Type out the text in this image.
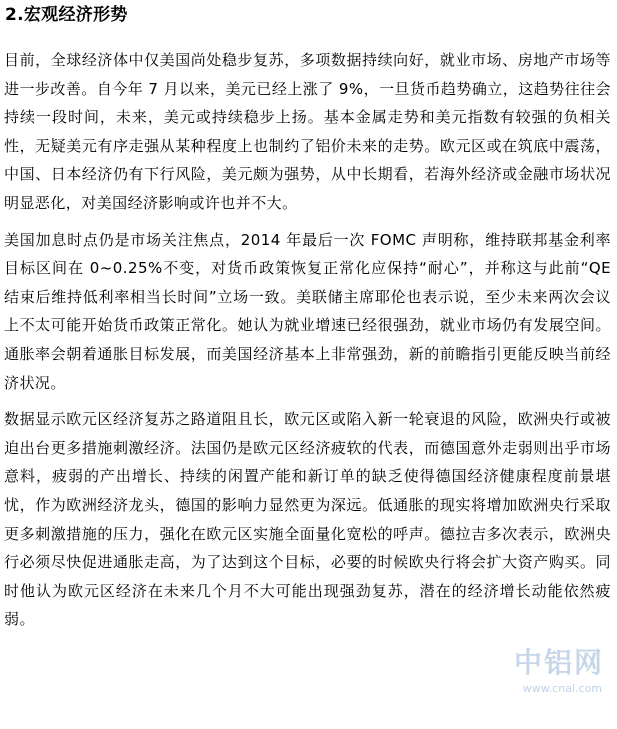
2.宏观经济形势

目前，全球经济体中仅美国尚处稳步复苏，多项数据持续向好，就业市场、房地产市场等进一步改善。自今年 7 月以来，美元已经上涨了 9%，一旦货币趋势确立，这趋势往往会持续一段时间，未来，美元或持续稳步上扬。基本金属走势和美元指数有较强的负相关性，无疑美元有序走强从某种程度上也制约了铝价未来的走势。欧元区或在筑底中震荡，中国、日本经济仍有下行风险，美元颇为强势，从中长期看，若海外经济或金融市场状况明显恶化，对美国经济影响或许也并不大。

美国加息时点仍是市场关注焦点，2014 年最后一次 FOMC 声明称，维持联邦基金利率目标区间在 0~0.25%不变，对货币政策恢复正常化应保持“耐心”，并称这与此前“QE 结束后维持低利率相当长时间”立场一致。美联储主席耶伦也表示说，至少未来两次会议上不太可能开始货币政策正常化。她认为就业增速已经很强劲，就业市场仍有发展空间。通胀率会朝着通胀目标发展，而美国经济基本上非常强劲，新的前瞻指引更能反映当前经济状况。

数据显示欧元区经济复苏之路道阻且长，欧元区或陷入新一轮衰退的风险，欧洲央行或被迫出台更多措施刺激经济。法国仍是欧元区经济疲软的代表，而德国意外走弱则出乎市场意料，疲弱的产出增长、持续的闲置产能和新订单的缺乏使得德国经济健康程度前景堪忧，作为欧洲经济龙头，德国的影响力显然更为深远。低通胀的现实将增加欧洲央行采取更多刺激措施的压力，强化在欧元区实施全面量化宽松的呼声。德拉吉多次表示，欧洲央行必须尽快促进通胀走高，为了达到这个目标，必要的时候欧央行将会扩大资产购买。同时他认为欧元区经济在未来几个月不大可能出现强劲复苏，潜在的经济增长动能依然疲弱。

中铝网
www.cnal.com
